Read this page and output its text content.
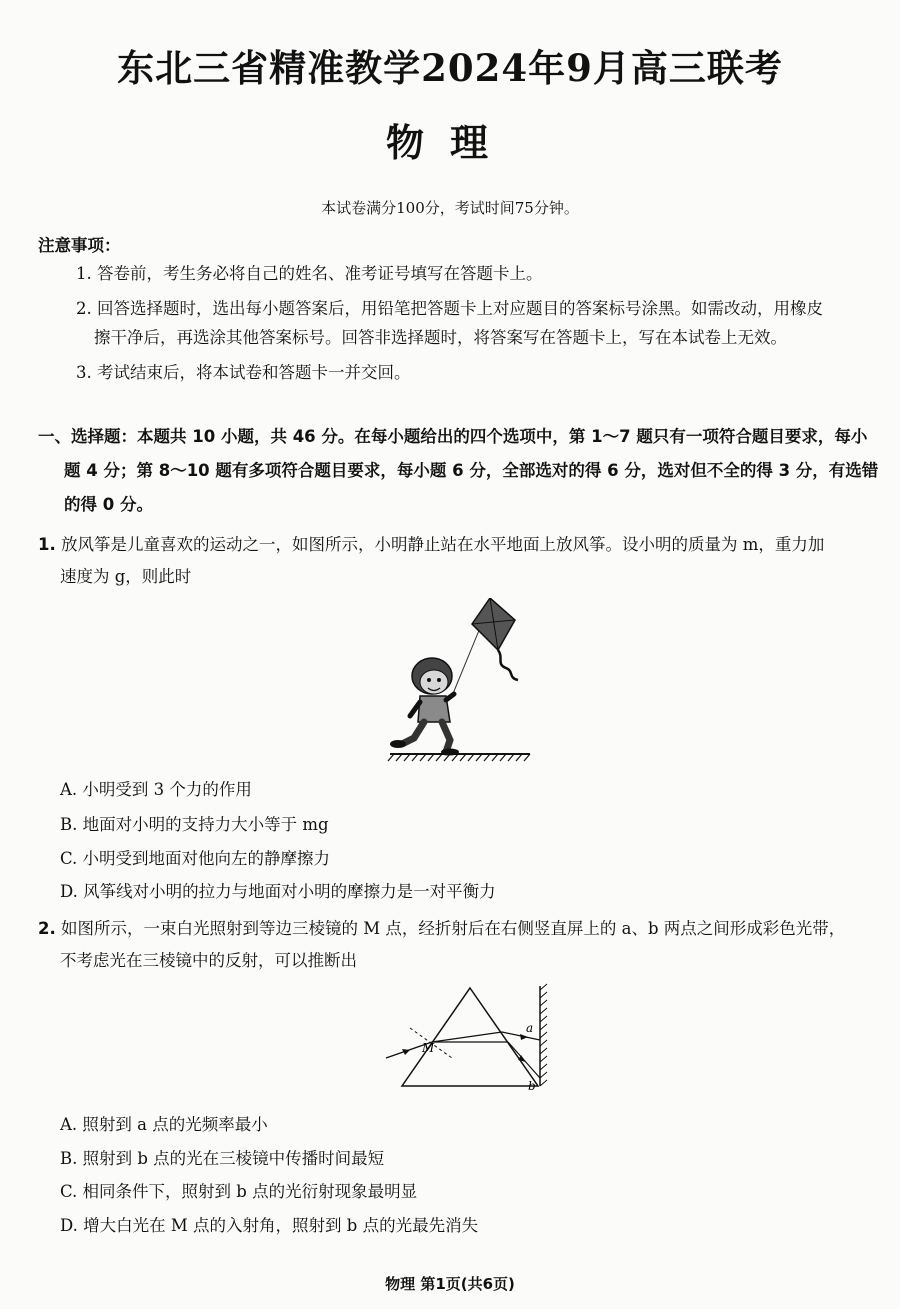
东北三省精准教学2024年9月高三联考
物理
本试卷满分100分，考试时间75分钟。
注意事项：
1. 答卷前，考生务必将自己的姓名、准考证号填写在答题卡上。
2. 回答选择题时，选出每小题答案后，用铅笔把答题卡上对应题目的答案标号涂黑。如需改动，用橡皮
擦干净后，再选涂其他答案标号。回答非选择题时，将答案写在答题卡上，写在本试卷上无效。
3. 考试结束后，将本试卷和答题卡一并交回。
一、选择题：本题共 10 小题，共 46 分。在每小题给出的四个选项中，第 1～7 题只有一项符合题目要求，每小
题 4 分；第 8～10 题有多项符合题目要求，每小题 6 分，全部选对的得 6 分，选对但不全的得 3 分，有选错
的得 0 分。
1. 放风筝是儿童喜欢的运动之一，如图所示，小明静止站在水平地面上放风筝。设小明的质量为 m，重力加
速度为 g，则此时
A. 小明受到 3 个力的作用
B. 地面对小明的支持力大小等于 mg
C. 小明受到地面对他向左的静摩擦力
D. 风筝线对小明的拉力与地面对小明的摩擦力是一对平衡力
2. 如图所示，一束白光照射到等边三棱镜的 M 点，经折射后在右侧竖直屏上的 a、b 两点之间形成彩色光带，
不考虑光在三棱镜中的反射，可以推断出
M
a
b
A. 照射到 a 点的光频率最小
B. 照射到 b 点的光在三棱镜中传播时间最短
C. 相同条件下，照射到 b 点的光衍射现象最明显
D. 增大白光在 M 点的入射角，照射到 b 点的光最先消失
物理 第1页(共6页)
